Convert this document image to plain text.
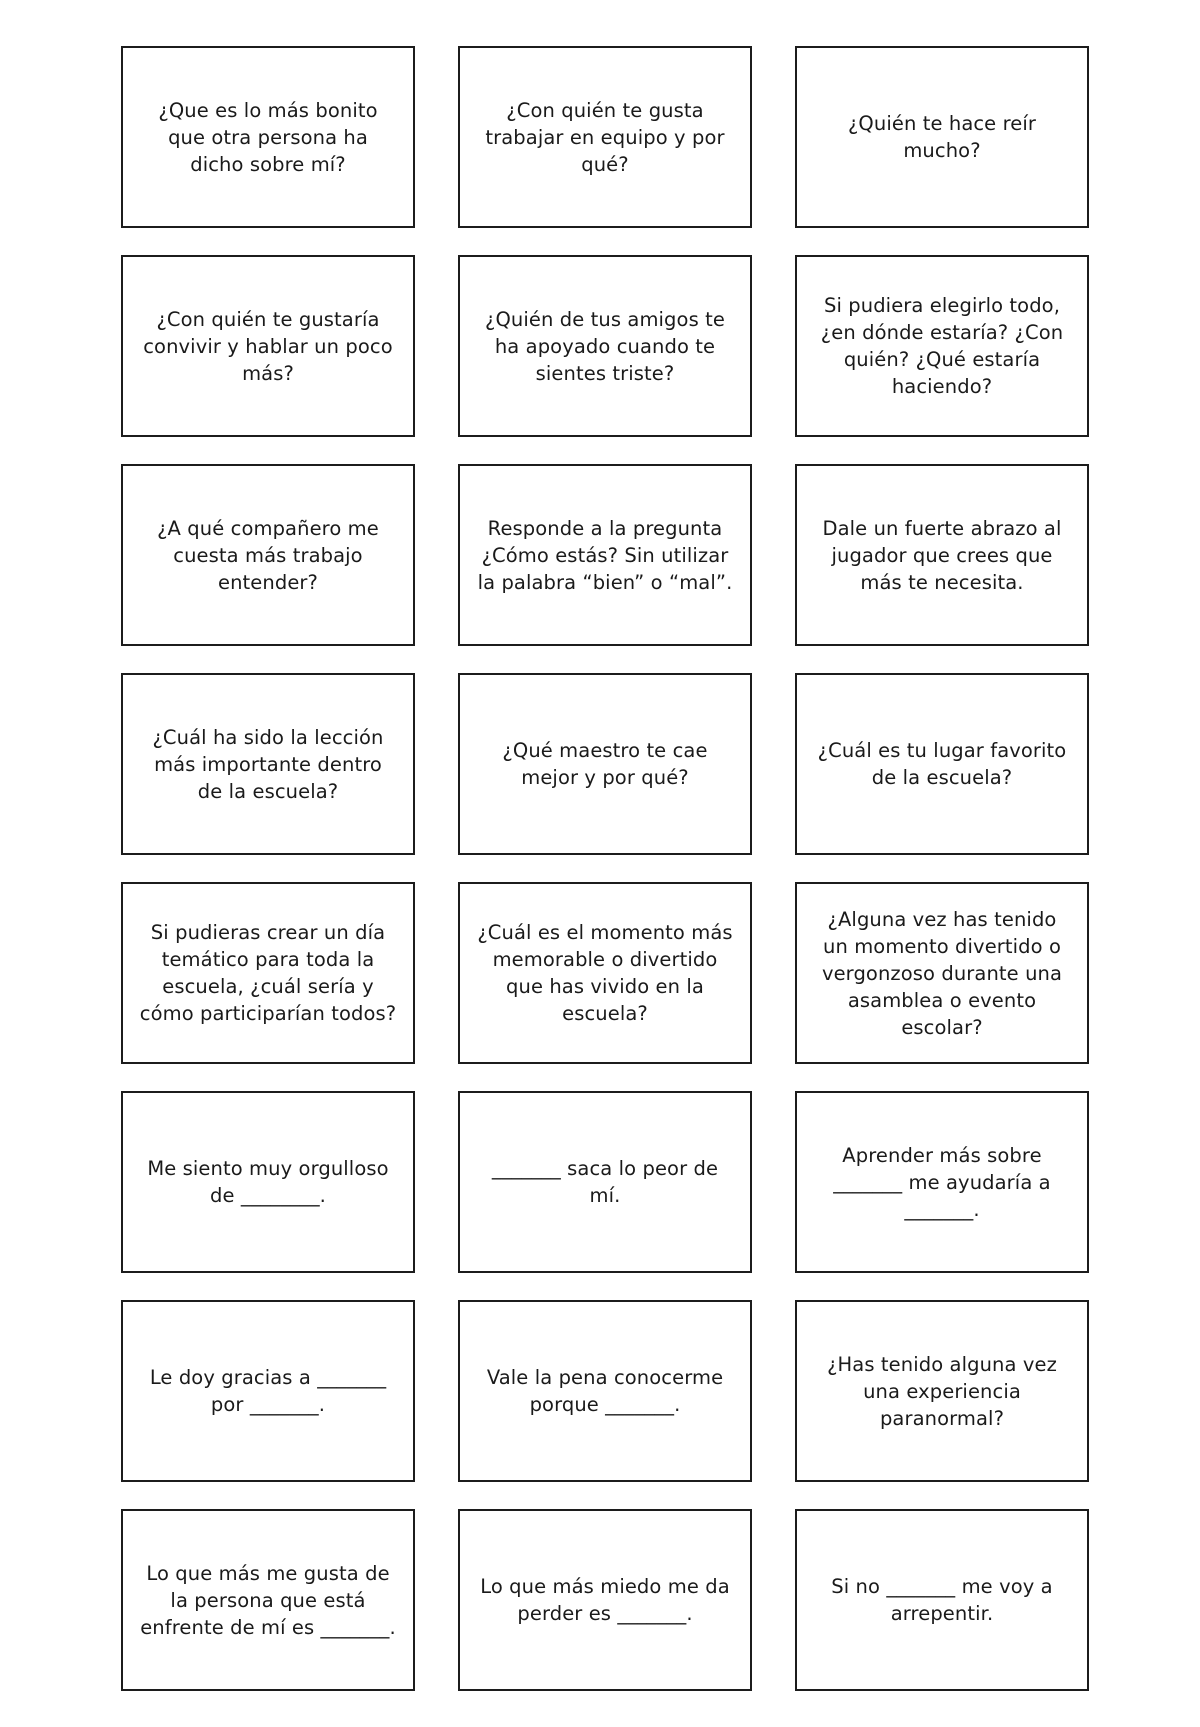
¿Que es lo más bonito que otra persona ha dicho sobre mí?
¿Con quién te gusta trabajar en equipo y por qué?
¿Quién te hace reír mucho?
¿Con quién te gustaría convivir y hablar un poco más?
¿Quién de tus amigos te ha apoyado cuando te sientes triste?
Si pudiera elegirlo todo, ¿en dónde estaría? ¿Con quién? ¿Qué estaría haciendo?
¿A qué compañero me cuesta más trabajo entender?
Responde a la pregunta ¿Cómo estás? Sin utilizar la palabra “bien” o “mal”.
Dale un fuerte abrazo al jugador que crees que más te necesita.
¿Cuál ha sido la lección más importante dentro de la escuela?
¿Qué maestro te cae mejor y por qué?
¿Cuál es tu lugar favorito de la escuela?
Si pudieras crear un día temático para toda la escuela, ¿cuál sería y cómo participarían todos?
¿Cuál es el momento más memorable o divertido que has vivido en la escuela?
¿Alguna vez has tenido un momento divertido o vergonzoso durante una asamblea o evento escolar?
Me siento muy orgulloso de ________.
_______ saca lo peor de mí.
Aprender más sobre _______ me ayudaría a _______.
Le doy gracias a _______ por _______.
Vale la pena conocerme porque _______.
¿Has tenido alguna vez una experiencia paranormal?
Lo que más me gusta de la persona que está enfrente de mí es _______.
Lo que más miedo me da perder es _______.
Si no _______ me voy a arrepentir.
